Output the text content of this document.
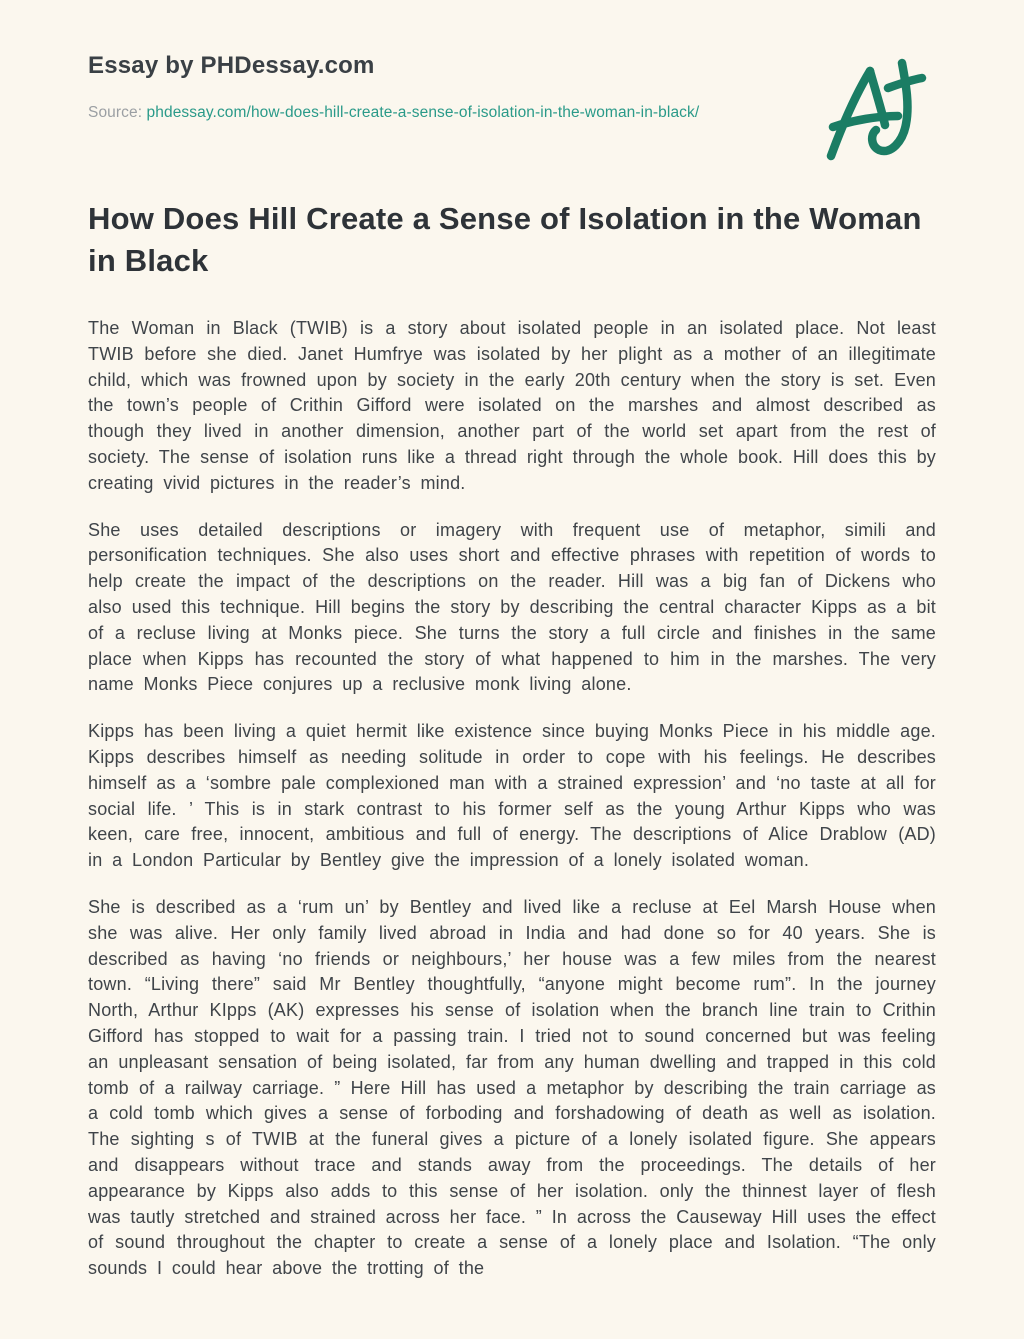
Essay by PHDessay.com
Source: phdessay.com/how-does-hill-create-a-sense-of-isolation-in-the-woman-in-black/
How Does Hill Create a Sense of Isolation in the Woman in Black

The Woman in Black (TWIB) is a story about isolated people in an isolated place. Not least TWIB before she died. Janet Humfrye was isolated by her plight as a mother of an illegitimate child, which was frowned upon by society in the early 20th century when the story is set. Even the town’s people of Crithin Gifford were isolated on the marshes and almost described as though they lived in another dimension, another part of the world set apart from the rest of society. The sense of isolation runs like a thread right through the whole book. Hill does this by creating vivid pictures in the reader’s mind.

She uses detailed descriptions or imagery with frequent use of metaphor, simili and personification techniques. She also uses short and effective phrases with repetition of words to help create the impact of the descriptions on the reader. Hill was a big fan of Dickens who also used this technique. Hill begins the story by describing the central character Kipps as a bit of a recluse living at Monks piece. She turns the story a full circle and finishes in the same place when Kipps has recounted the story of what happened to him in the marshes. The very name Monks Piece conjures up a reclusive monk living alone.

Kipps has been living a quiet hermit like existence since buying Monks Piece in his middle age. Kipps describes himself as needing solitude in order to cope with his feelings. He describes himself as a ‘sombre pale complexioned man with a strained expression’ and ‘no taste at all for social life. ’ This is in stark contrast to his former self as the young Arthur Kipps who was keen, care free, innocent, ambitious and full of energy. The descriptions of Alice Drablow (AD) in a London Particular by Bentley give the impression of a lonely isolated woman.

She is described as a ‘rum un’ by Bentley and lived like a recluse at Eel Marsh House when she was alive. Her only family lived abroad in India and had done so for 40 years. She is described as having ‘no friends or neighbours,’ her house was a few miles from the nearest town. “Living there” said Mr Bentley thoughtfully, “anyone might become rum”. In the journey North, Arthur KIpps (AK) expresses his sense of isolation when the branch line train to Crithin Gifford has stopped to wait for a passing train. I tried not to sound concerned but was feeling an unpleasant sensation of being isolated, far from any human dwelling and trapped in this cold tomb of a railway carriage. ” Here Hill has used a metaphor by describing the train carriage as a cold tomb which gives a sense of forboding and forshadowing of death as well as isolation. The sighting s of TWIB at the funeral gives a picture of a lonely isolated figure. She appears and disappears without trace and stands away from the proceedings. The details of her appearance by Kipps also adds to this sense of her isolation. only the thinnest layer of flesh was tautly stretched and strained across her face. ” In across the Causeway Hill uses the effect of sound throughout the chapter to create a sense of a lonely place and Isolation. “The only sounds I could hear above the trotting of the
